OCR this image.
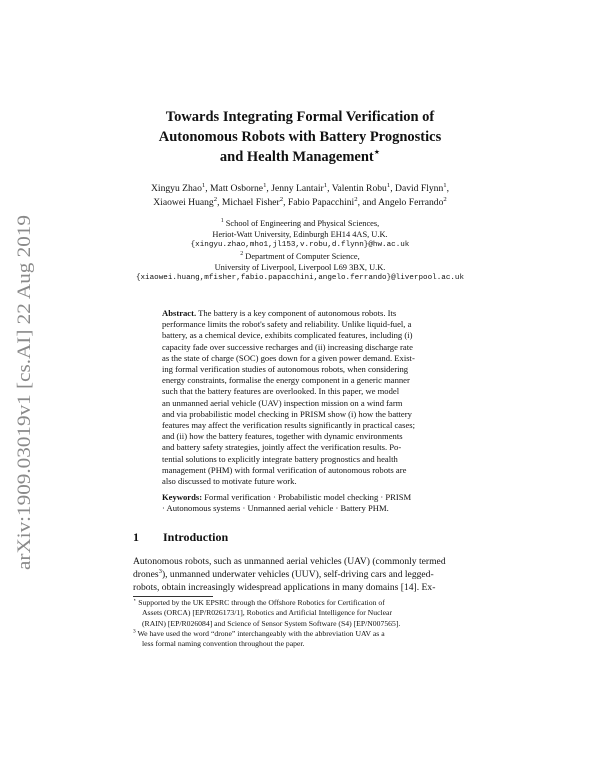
arXiv:1909.03019v1 [cs.AI] 22 Aug 2019
Towards Integrating Formal Verification of
Autonomous Robots with Battery Prognostics
and Health Management⋆
Xingyu Zhao$^1$, Matt Osborne$^1$, Jenny Lantair$^1$, Valentin Robu$^1$, David Flynn$^1$,
Xiaowei Huang$^2$, Michael Fisher$^2$, Fabio Papacchini$^2$, and Angelo Ferrando$^2$
$^1$ School of Engineering and Physical Sciences,
Heriot-Watt University, Edinburgh EH14 4AS, U.K.
{xingyu.zhao,mho1,jl153,v.robu,d.flynn}@hw.ac.uk
$^2$ Department of Computer Science,
University of Liverpool, Liverpool L69 3BX, U.K.
{xiaowei.huang,mfisher,fabio.papacchini,angelo.ferrando}@liverpool.ac.uk
Abstract. The battery is a key component of autonomous robots. Its
performance limits the robot's safety and reliability. Unlike liquid-fuel, a
battery, as a chemical device, exhibits complicated features, including (i)
capacity fade over successive recharges and (ii) increasing discharge rate
as the state of charge (SOC) goes down for a given power demand. Exist-
ing formal verification studies of autonomous robots, when considering
energy constraints, formalise the energy component in a generic manner
such that the battery features are overlooked. In this paper, we model
an unmanned aerial vehicle (UAV) inspection mission on a wind farm
and via probabilistic model checking in PRISM show (i) how the battery
features may affect the verification results significantly in practical cases;
and (ii) how the battery features, together with dynamic environments
and battery safety strategies, jointly affect the verification results. Po-
tential solutions to explicitly integrate battery prognostics and health
management (PHM) with formal verification of autonomous robots are
also discussed to motivate future work.
Keywords: Formal verification · Probabilistic model checking · PRISM
· Autonomous systems · Unmanned aerial vehicle · Battery PHM.
1 Introduction
Autonomous robots, such as unmanned aerial vehicles (UAV) (commonly termed
drones$^3$), unmanned underwater vehicles (UUV), self-driving cars and legged-
robots, obtain increasingly widespread applications in many domains [14]. Ex-
⋆ Supported by the UK EPSRC through the Offshore Robotics for Certification of
Assets (ORCA) [EP/R026173/1], Robotics and Artificial Intelligence for Nuclear
(RAIN) [EP/R026084] and Science of Sensor System Software (S4) [EP/N007565].
$^3$ We have used the word “drone” interchangeably with the abbreviation UAV as a
less formal naming convention throughout the paper.
